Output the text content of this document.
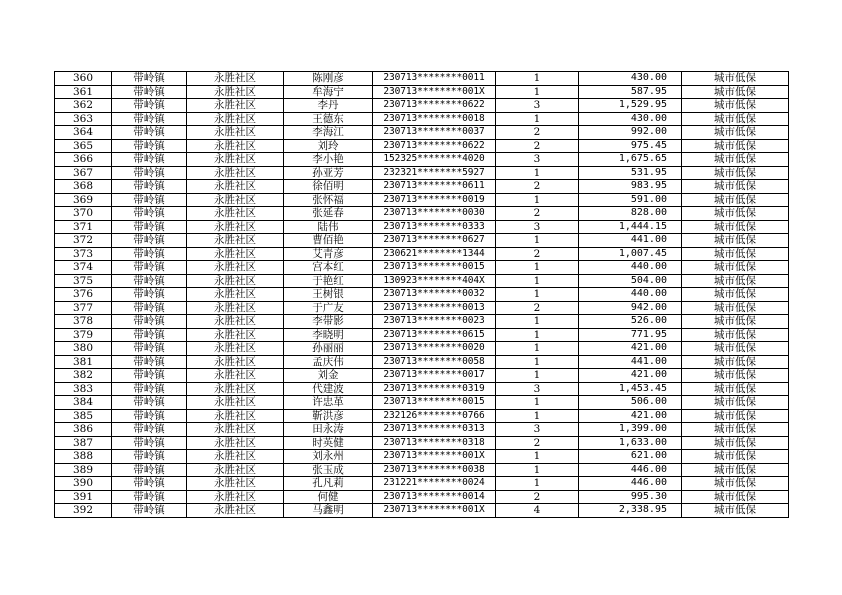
360	带岭镇	永胜社区	陈刚彦	230713********0011	1	430.00	城市低保
361	带岭镇	永胜社区	牟海宁	230713********001X	1	587.95	城市低保
362	带岭镇	永胜社区	李丹	230713********0622	3	1,529.95	城市低保
363	带岭镇	永胜社区	王德东	230713********0018	1	430.00	城市低保
364	带岭镇	永胜社区	李海江	230713********0037	2	992.00	城市低保
365	带岭镇	永胜社区	刘玲	230713********0622	2	975.45	城市低保
366	带岭镇	永胜社区	李小艳	152325********4020	3	1,675.65	城市低保
367	带岭镇	永胜社区	孙亚芳	232321********5927	1	531.95	城市低保
368	带岭镇	永胜社区	徐佰明	230713********0611	2	983.95	城市低保
369	带岭镇	永胜社区	张怀福	230713********0019	1	591.00	城市低保
370	带岭镇	永胜社区	张延春	230713********0030	2	828.00	城市低保
371	带岭镇	永胜社区	陆伟	230713********0333	3	1,444.15	城市低保
372	带岭镇	永胜社区	曹佰艳	230713********0627	1	441.00	城市低保
373	带岭镇	永胜社区	艾青彦	230621********1344	2	1,007.45	城市低保
374	带岭镇	永胜社区	宫本红	230713********0015	1	440.00	城市低保
375	带岭镇	永胜社区	于艳红	130923********404X	1	504.00	城市低保
376	带岭镇	永胜社区	王树银	230713********0032	1	440.00	城市低保
377	带岭镇	永胜社区	于广友	230713********0013	2	942.00	城市低保
378	带岭镇	永胜社区	李带影	230713********0023	1	526.00	城市低保
379	带岭镇	永胜社区	李晓明	230713********0615	1	771.95	城市低保
380	带岭镇	永胜社区	孙丽丽	230713********0020	1	421.00	城市低保
381	带岭镇	永胜社区	孟庆伟	230713********0058	1	441.00	城市低保
382	带岭镇	永胜社区	刘金	230713********0017	1	421.00	城市低保
383	带岭镇	永胜社区	代建波	230713********0319	3	1,453.45	城市低保
384	带岭镇	永胜社区	许忠革	230713********0015	1	506.00	城市低保
385	带岭镇	永胜社区	靳洪彦	232126********0766	1	421.00	城市低保
386	带岭镇	永胜社区	田永涛	230713********0313	3	1,399.00	城市低保
387	带岭镇	永胜社区	时英健	230713********0318	2	1,633.00	城市低保
388	带岭镇	永胜社区	刘永州	230713********001X	1	621.00	城市低保
389	带岭镇	永胜社区	张玉成	230713********0038	1	446.00	城市低保
390	带岭镇	永胜社区	孔凡莉	231221********0024	1	446.00	城市低保
391	带岭镇	永胜社区	何健	230713********0014	2	995.30	城市低保
392	带岭镇	永胜社区	马鑫明	230713********001X	4	2,338.95	城市低保
